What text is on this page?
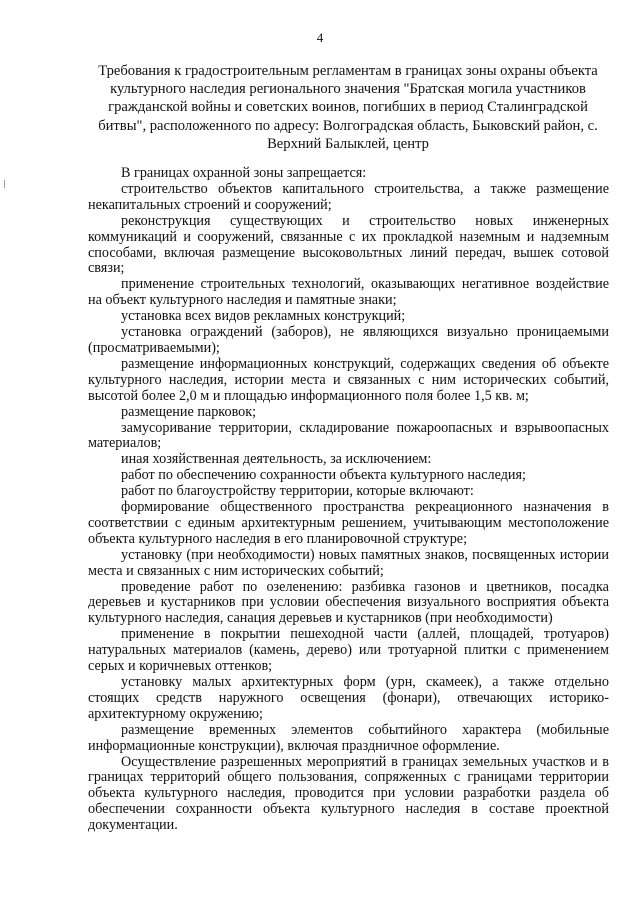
4
Требования к градостроительным регламентам в границах зоны охраны объекта культурного наследия регионального значения "Братская могила участников гражданской войны и советских воинов, погибших в период Сталинградской битвы", расположенного по адресу: Волгоградская область, Быковский район, с. Верхний Балыклей, центр

В границах охранной зоны запрещается:

строительство объектов капитального строительства, а также размещение некапитальных строений и сооружений;

реконструкция существующих и строительство новых инженерных коммуникаций и сооружений, связанные с их прокладкой наземным и надземным способами, включая размещение высоковольтных линий передач, вышек сотовой связи;

применение строительных технологий, оказывающих негативное воздействие на объект культурного наследия и памятные знаки;

установка всех видов рекламных конструкций;

установка ограждений (заборов), не являющихся визуально проницаемыми (просматриваемыми);

размещение информационных конструкций, содержащих сведения об объекте культурного наследия, истории места и связанных с ним исторических событий, высотой более 2,0 м и площадью информационного поля более 1,5 кв. м;

размещение парковок;

замусоривание территории, складирование пожароопасных и взрывоопасных материалов;

иная хозяйственная деятельность, за исключением:

работ по обеспечению сохранности объекта культурного наследия;

работ по благоустройству территории, которые включают:

формирование общественного пространства рекреационного назначения в соответствии с единым архитектурным решением, учитывающим местоположение объекта культурного наследия в его планировочной структуре;

установку (при необходимости) новых памятных знаков, посвященных истории места и связанных с ним исторических событий;

проведение работ по озеленению: разбивка газонов и цветников, посадка деревьев и кустарников при условии обеспечения визуального восприятия объекта культурного наследия, санация деревьев и кустарников (при необходимости)

применение в покрытии пешеходной части (аллей, площадей, тротуаров) натуральных материалов (камень, дерево) или тротуарной плитки с применением серых и коричневых оттенков;

установку малых архитектурных форм (урн, скамеек), а также отдельно стоящих средств наружного освещения (фонари), отвечающих историко-архитектурному окружению;

размещение временных элементов событийного характера (мобильные информационные конструкции), включая праздничное оформление.

Осуществление разрешенных мероприятий в границах земельных участков и в границах территорий общего пользования, сопряженных с границами территории объекта культурного наследия, проводится при условии разработки раздела об обеспечении сохранности объекта культурного наследия в составе проектной документации.
